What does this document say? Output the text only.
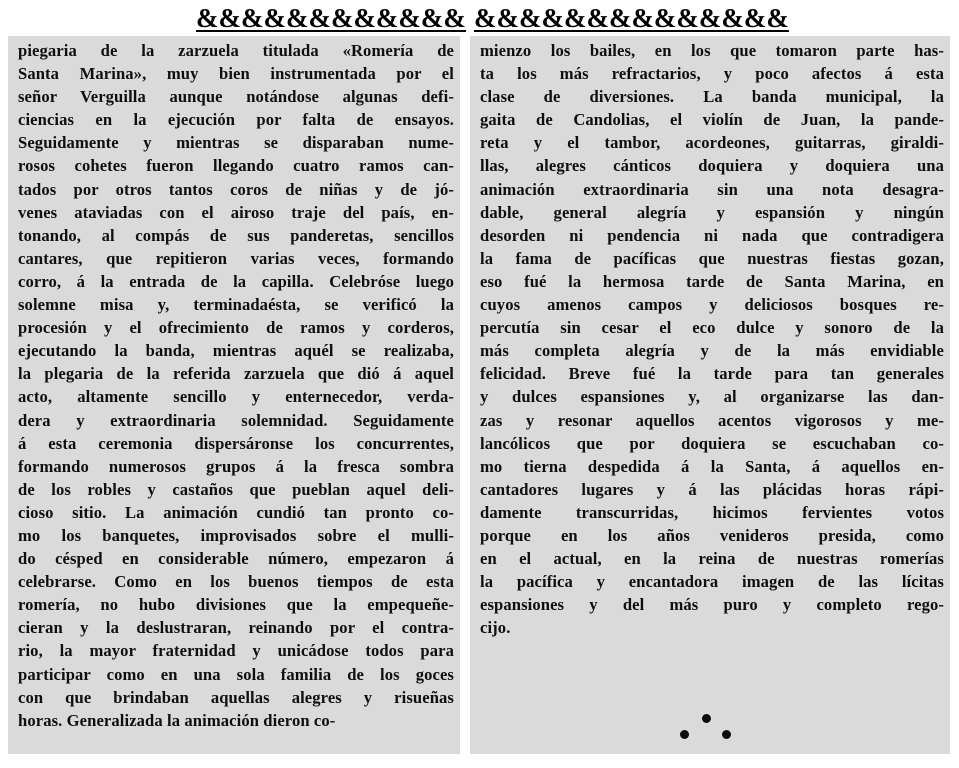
&&&&&&&&&&&& &&&&&&&&&&&&&&
piegaria de la zarzuela titulada «Romería de
Santa Marina», muy bien instrumentada por el
señor Verguilla aunque notándose algunas defi-
ciencias en la ejecución por falta de ensayos.
Seguidamente y mientras se disparaban nume-
rosos cohetes fueron llegando cuatro ramos can-
tados por otros tantos coros de niñas y de jó-
venes ataviadas con el airoso traje del país, en-
tonando, al compás de sus panderetas, sencillos
cantares, que repitieron varias veces, formando
corro, á la entrada de la capilla. Celebróse luego
solemne misa y, terminadaésta, se verificó la
procesión y el ofrecimiento de ramos y corderos,
ejecutando la banda, mientras aquél se realizaba,
la plegaria de la referida zarzuela que dió á aquel
acto, altamente sencillo y enternecedor, verda-
dera y extraordinaria solemnidad. Seguidamente
á esta ceremonia dispersáronse los concurrentes,
formando numerosos grupos á la fresca sombra
de los robles y castaños que pueblan aquel deli-
cioso sitio. La animación cundió tan pronto co-
mo los banquetes, improvisados sobre el mulli-
do césped en considerable número, empezaron á
celebrarse. Como en los buenos tiempos de esta
romería, no hubo divisiones que la empequeñe-
cieran y la deslustraran, reinando por el contra-
rio, la mayor fraternidad y unicádose todos para
participar como en una sola familia de los goces
con que brindaban aquellas alegres y risueñas
horas. Generalizada la animación dieron co-
mienzo los bailes, en los que tomaron parte has-
ta los más refractarios, y poco afectos á esta
clase de diversiones. La banda municipal, la
gaita de Candolias, el violín de Juan, la pande-
reta y el tambor, acordeones, guitarras, giraldi-
llas, alegres cánticos doquiera y doquiera una
animación extraordinaria sin una nota desagra-
dable, general alegría y espansión y ningún
desorden ni pendencia ni nada que contradigera
la fama de pacíficas que nuestras fiestas gozan,
eso fué la hermosa tarde de Santa Marina, en
cuyos amenos campos y deliciosos bosques re-
percutía sin cesar el eco dulce y sonoro de la
más completa alegría y de la más envidiable
felicidad. Breve fué la tarde para tan generales
y dulces espansiones y, al organizarse las dan-
zas y resonar aquellos acentos vigorosos y me-
lancólicos que por doquiera se escuchaban co-
mo tierna despedida á la Santa, á aquellos en-
cantadores lugares y á las plácidas horas rápi-
damente transcurridas, hicimos fervientes votos
porque en los años venideros presida, como
en el actual, en la reina de nuestras romerías
la pacífica y encantadora imagen de las lícitas
espansiones y del más puro y completo rego-
cijo.
